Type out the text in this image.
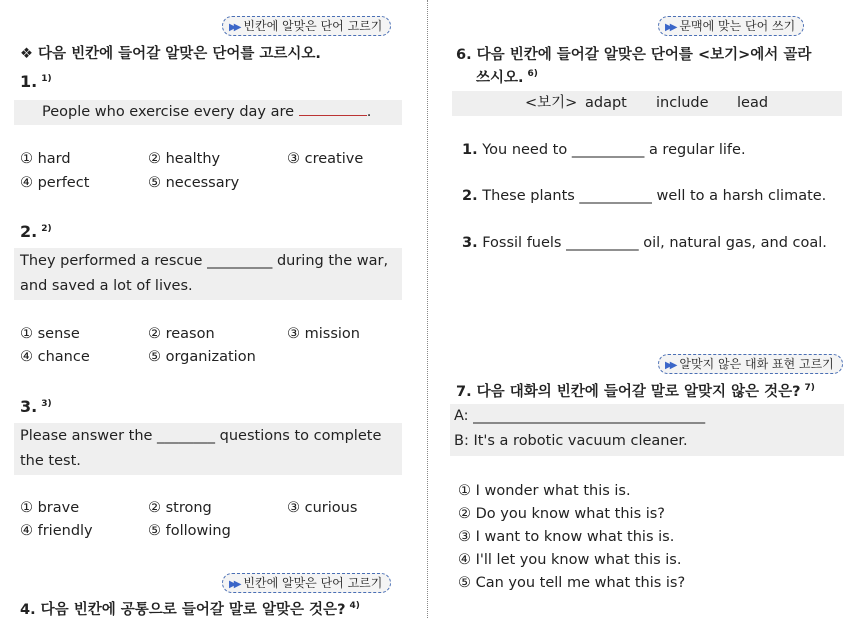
▶▶ 빈칸에 알맞은 단어 고르기
❖ 다음 빈칸에 들어갈 알맞은 단어를 고르시오.
1. $^{1)}$
People who exercise every day are	.
① hard	② healthy	③ creative
④ perfect	⑤ necessary
2. $^{2)}$
They performed a rescue _________ during the war,
and saved a lot of lives.
① sense	② reason	③ mission
④ chance	⑤ organization
3. $^{3)}$
Please answer the ________ questions to complete
the test.
① brave	② strong	③ curious
④ friendly	⑤ following
▶▶ 빈칸에 알맞은 단어 고르기
4. 다음 빈칸에 공통으로 들어갈 말로 알맞은 것은? $^{4)}$
▶▶ 문맥에 맞는 단어 쓰기
6. 다음 빈칸에 들어갈 알맞은 단어를 <보기>에서 골라
쓰시오. $^{6)}$
<보기> adapt include lead
1. You need to __________ a regular life.
2. These plants __________ well to a harsh climate.
3. Fossil fuels __________ oil, natural gas, and coal.
▶▶ 알맞지 않은 대화 표현 고르기
7. 다음 대화의 빈칸에 들어갈 말로 알맞지 않은 것은? $^{7)}$
A: ________________________________
B: It's a robotic vacuum cleaner.
① I wonder what this is.
② Do you know what this is?
③ I want to know what this is.
④ I'll let you know what this is.
⑤ Can you tell me what this is?
